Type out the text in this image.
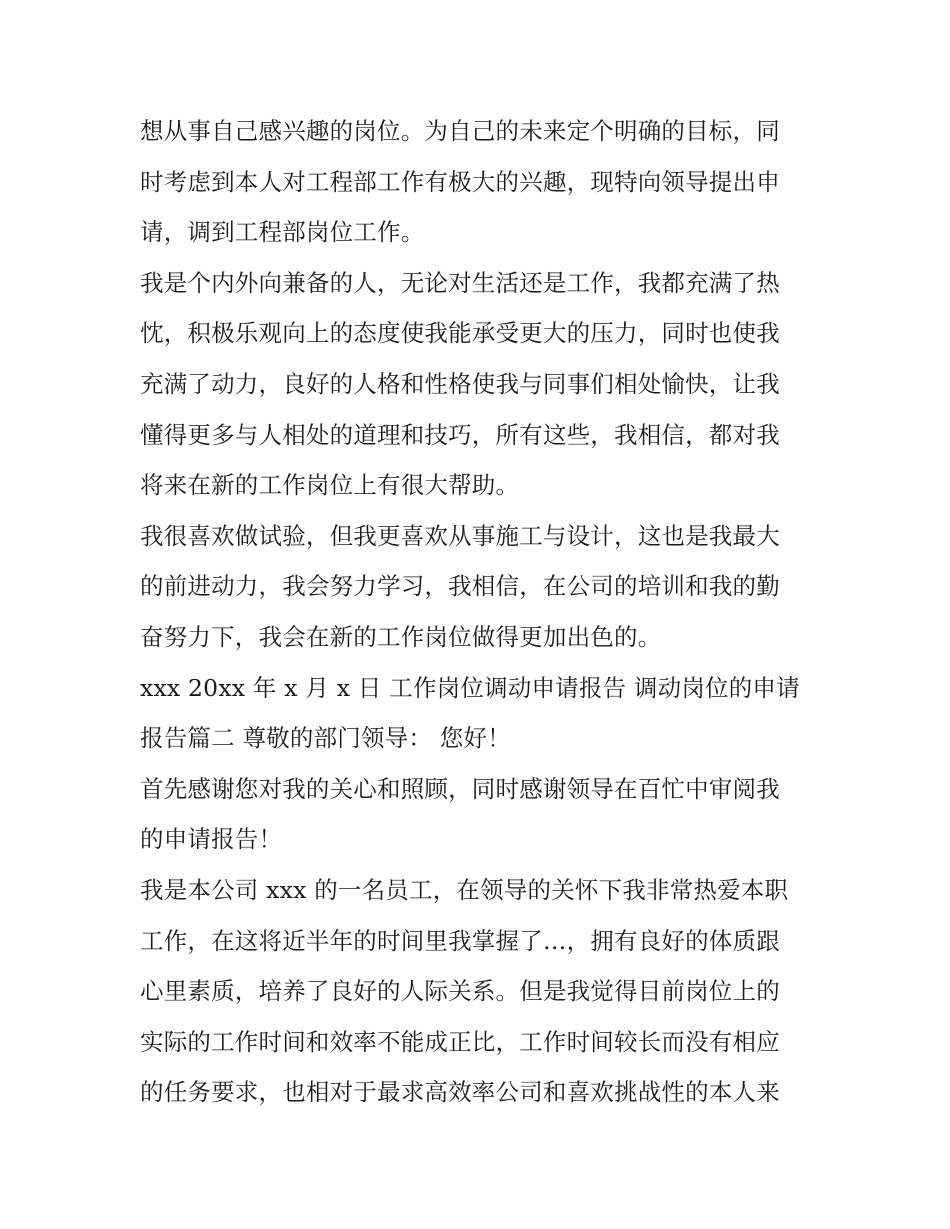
想从事自己感兴趣的岗位。为自己的未来定个明确的目标，同
时考虑到本人对工程部工作有极大的兴趣，现特向领导提出申
请，调到工程部岗位工作。
我是个内外向兼备的人，无论对生活还是工作，我都充满了热
忱，积极乐观向上的态度使我能承受更大的压力，同时也使我
充满了动力，良好的人格和性格使我与同事们相处愉快，让我
懂得更多与人相处的道理和技巧，所有这些，我相信，都对我
将来在新的工作岗位上有很大帮助。
我很喜欢做试验，但我更喜欢从事施工与设计，这也是我最大
的前进动力，我会努力学习，我相信，在公司的培训和我的勤
奋努力下，我会在新的工作岗位做得更加出色的。
xxx 20xx 年 x 月 x 日 工作岗位调动申请报告 调动岗位的申请
报告篇二 尊敬的部门领导： 您好！
首先感谢您对我的关心和照顾，同时感谢领导在百忙中审阅我
的申请报告！
我是本公司 xxx 的一名员工，在领导的关怀下我非常热爱本职
工作，在这将近半年的时间里我掌握了…，拥有良好的体质跟
心里素质，培养了良好的人际关系。但是我觉得目前岗位上的
实际的工作时间和效率不能成正比，工作时间较长而没有相应
的任务要求，也相对于最求高效率公司和喜欢挑战性的本人来
